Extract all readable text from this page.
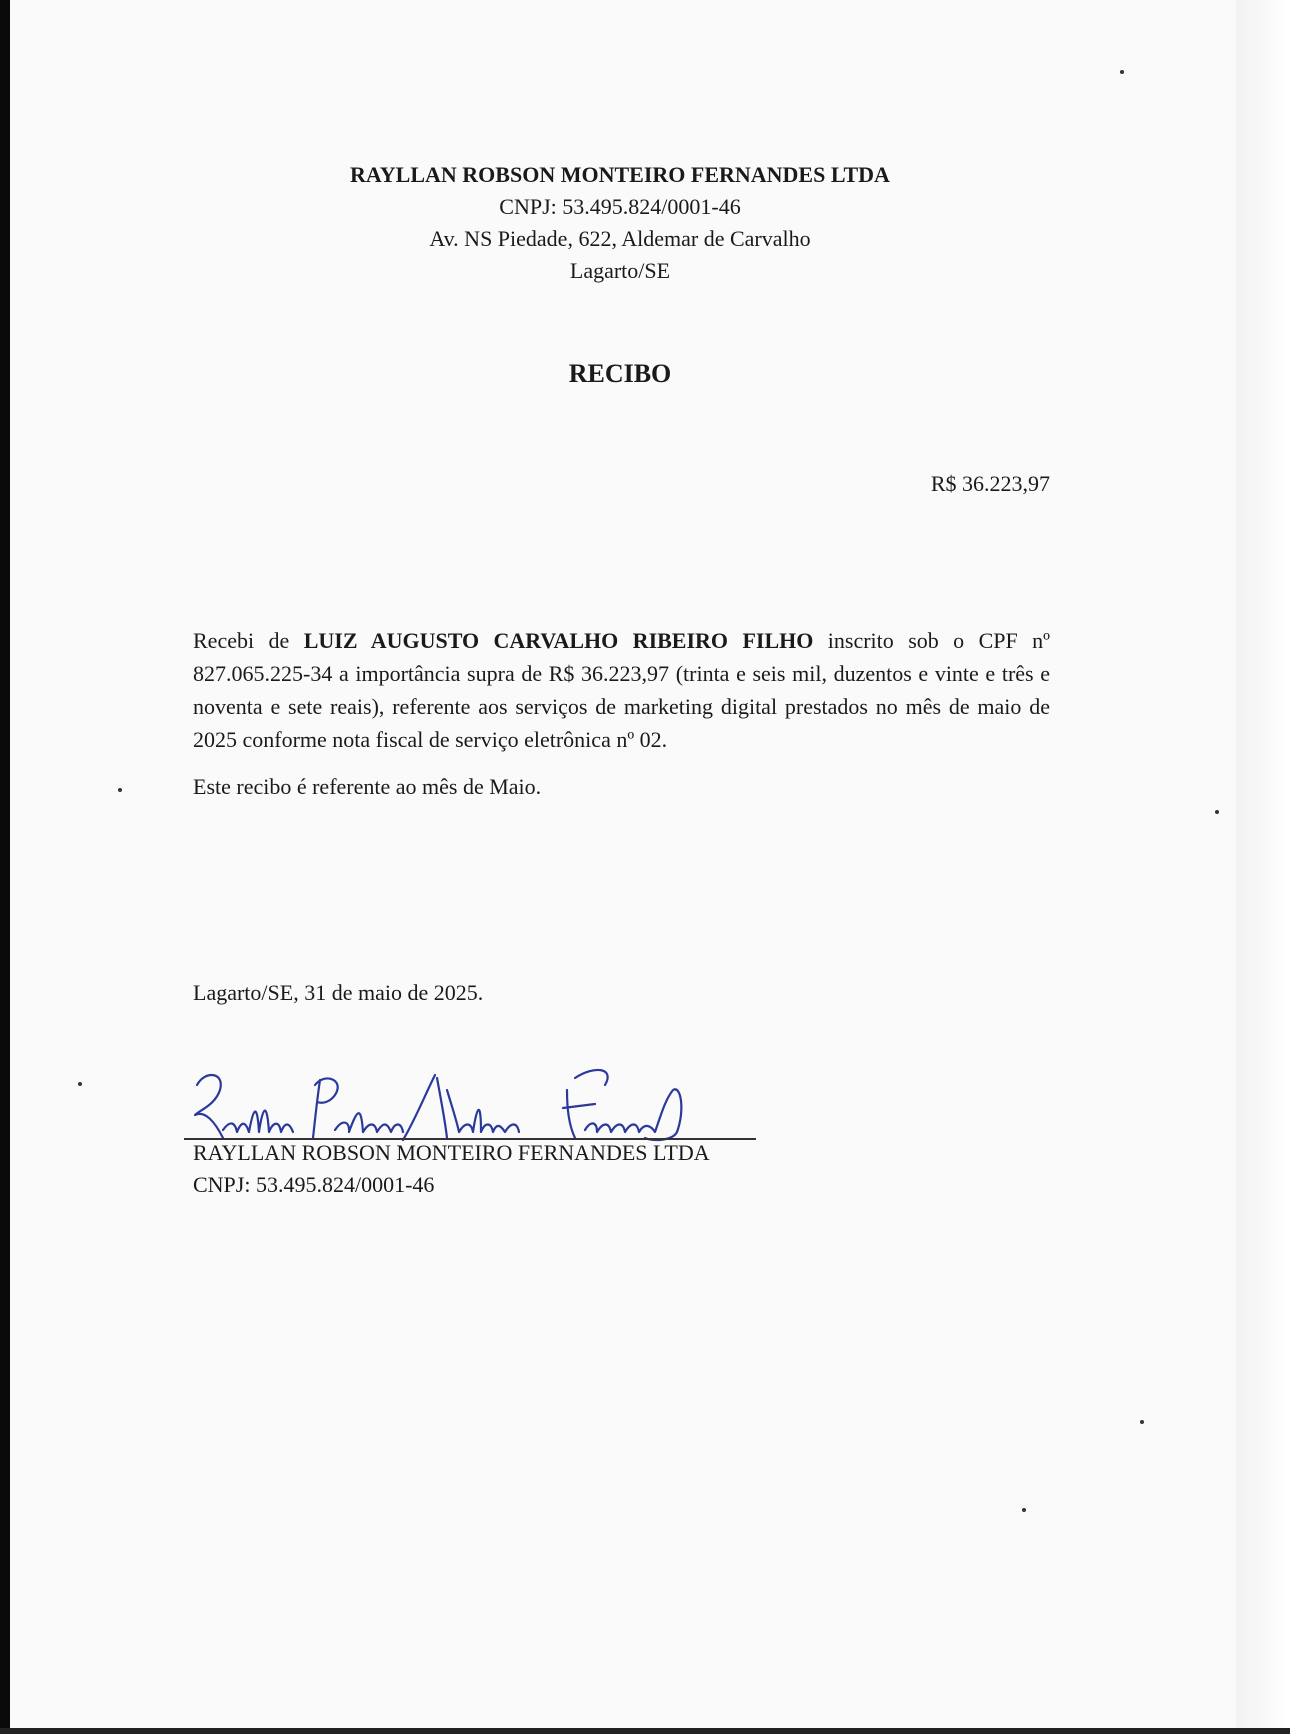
RAYLLAN ROBSON MONTEIRO FERNANDES LTDA
CNPJ: 53.495.824/0001-46
Av. NS Piedade, 622, Aldemar de Carvalho
Lagarto/SE
RECIBO
R$ 36.223,97
Recebi de LUIZ AUGUSTO CARVALHO RIBEIRO FILHO inscrito sob o CPF nº 827.065.225-34 a importância supra de R$ 36.223,97 (trinta e seis mil, duzentos e vinte e três e noventa e sete reais), referente aos serviços de marketing digital prestados no mês de maio de 2025 conforme nota fiscal de serviço eletrônica nº 02.
Este recibo é referente ao mês de Maio.
Lagarto/SE, 31 de maio de 2025.
RAYLLAN ROBSON MONTEIRO FERNANDES LTDA
CNPJ: 53.495.824/0001-46
